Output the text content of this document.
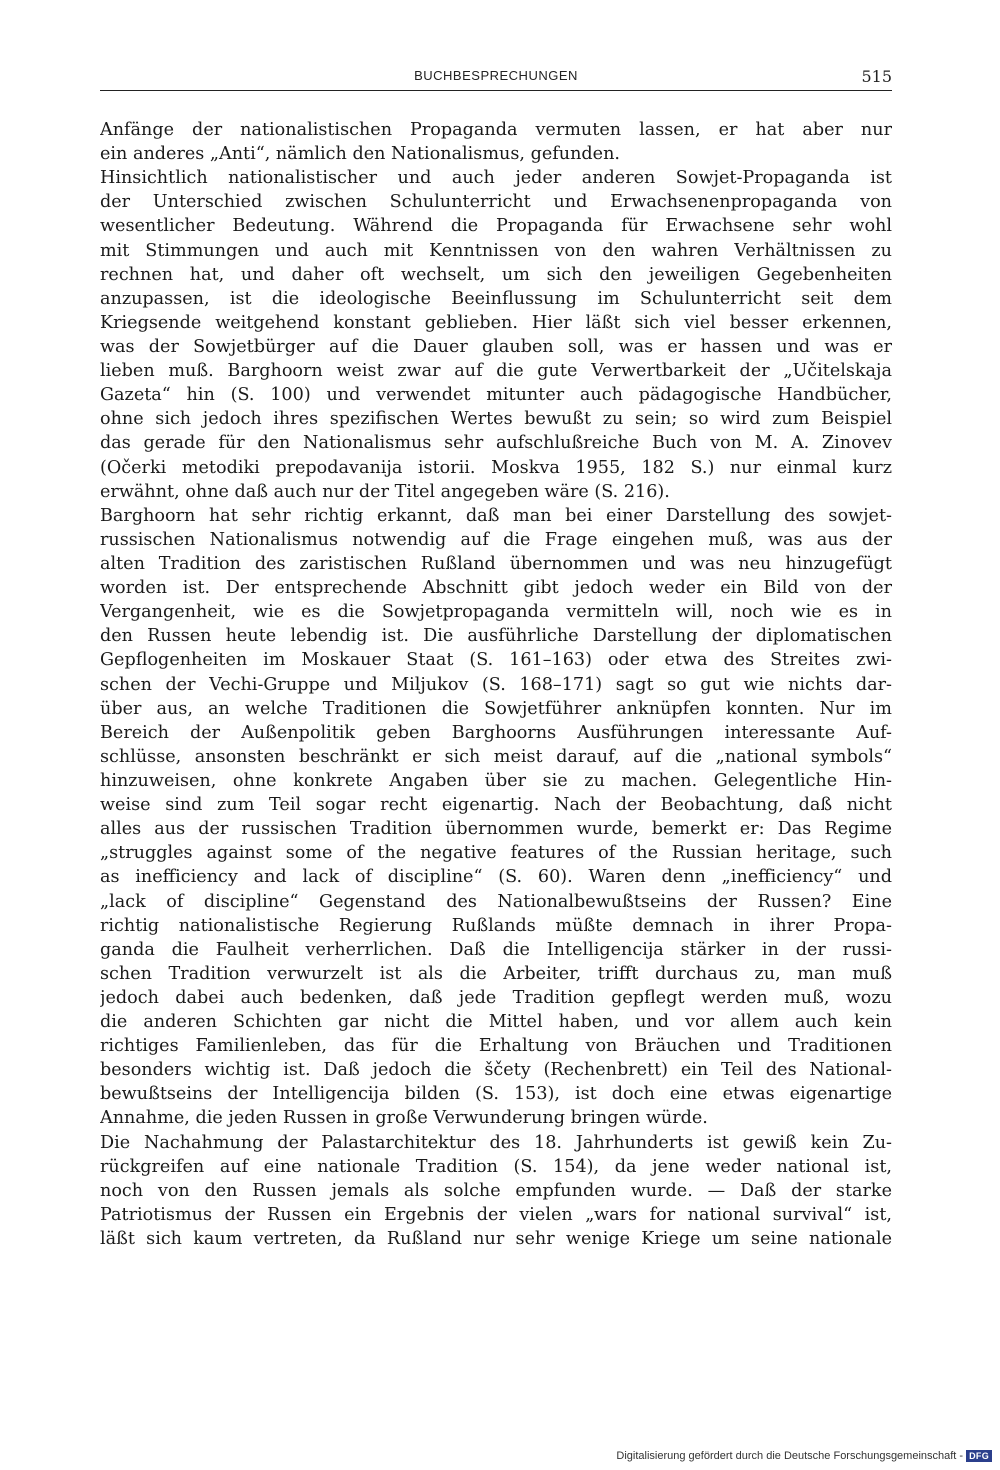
BUCHBESPRECHUNGEN	515
Anfänge der nationalistischen Propaganda vermuten lassen, er hat aber nur
ein anderes „Anti“, nämlich den Nationalismus, gefunden.
Hinsichtlich nationalistischer und auch jeder anderen Sowjet-Propaganda ist
der Unterschied zwischen Schulunterricht und Erwachsenenpropaganda von
wesentlicher Bedeutung. Während die Propaganda für Erwachsene sehr wohl
mit Stimmungen und auch mit Kenntnissen von den wahren Verhältnissen zu
rechnen hat, und daher oft wechselt, um sich den jeweiligen Gegebenheiten
anzupassen, ist die ideologische Beeinflussung im Schulunterricht seit dem
Kriegsende weitgehend konstant geblieben. Hier läßt sich viel besser erkennen,
was der Sowjetbürger auf die Dauer glauben soll, was er hassen und was er
lieben muß. Barghoorn weist zwar auf die gute Verwertbarkeit der „Učitelskaja
Gazeta“ hin (S. 100) und verwendet mitunter auch pädagogische Handbücher,
ohne sich jedoch ihres spezifischen Wertes bewußt zu sein; so wird zum Beispiel
das gerade für den Nationalismus sehr aufschlußreiche Buch von M. A. Zinovev
(Očerki metodiki prepodavanija istorii. Moskva 1955, 182 S.) nur einmal kurz
erwähnt, ohne daß auch nur der Titel angegeben wäre (S. 216).
Barghoorn hat sehr richtig erkannt, daß man bei einer Darstellung des sowjet-
russischen Nationalismus notwendig auf die Frage eingehen muß, was aus der
alten Tradition des zaristischen Rußland übernommen und was neu hinzugefügt
worden ist. Der entsprechende Abschnitt gibt jedoch weder ein Bild von der
Vergangenheit, wie es die Sowjetpropaganda vermitteln will, noch wie es in
den Russen heute lebendig ist. Die ausführliche Darstellung der diplomatischen
Gepflogenheiten im Moskauer Staat (S. 161–163) oder etwa des Streites zwi-
schen der Vechi-Gruppe und Miljukov (S. 168–171) sagt so gut wie nichts dar-
über aus, an welche Traditionen die Sowjetführer anknüpfen konnten. Nur im
Bereich der Außenpolitik geben Barghoorns Ausführungen interessante Auf-
schlüsse, ansonsten beschränkt er sich meist darauf, auf die „national symbols“
hinzuweisen, ohne konkrete Angaben über sie zu machen. Gelegentliche Hin-
weise sind zum Teil sogar recht eigenartig. Nach der Beobachtung, daß nicht
alles aus der russischen Tradition übernommen wurde, bemerkt er: Das Regime
„struggles against some of the negative features of the Russian heritage, such
as inefficiency and lack of discipline“ (S. 60). Waren denn „inefficiency“ und
„lack of discipline“ Gegenstand des Nationalbewußtseins der Russen? Eine
richtig nationalistische Regierung Rußlands müßte demnach in ihrer Propa-
ganda die Faulheit verherrlichen. Daß die Intelligencija stärker in der russi-
schen Tradition verwurzelt ist als die Arbeiter, trifft durchaus zu, man muß
jedoch dabei auch bedenken, daß jede Tradition gepflegt werden muß, wozu
die anderen Schichten gar nicht die Mittel haben, und vor allem auch kein
richtiges Familienleben, das für die Erhaltung von Bräuchen und Traditionen
besonders wichtig ist. Daß jedoch die ščety (Rechenbrett) ein Teil des National-
bewußtseins der Intelligencija bilden (S. 153), ist doch eine etwas eigenartige
Annahme, die jeden Russen in große Verwunderung bringen würde.
Die Nachahmung der Palastarchitektur des 18. Jahrhunderts ist gewiß kein Zu-
rückgreifen auf eine nationale Tradition (S. 154), da jene weder national ist,
noch von den Russen jemals als solche empfunden wurde. — Daß der starke
Patriotismus der Russen ein Ergebnis der vielen „wars for national survival“ ist,
läßt sich kaum vertreten, da Rußland nur sehr wenige Kriege um seine nationale
Digitalisierung gefördert durch die Deutsche Forschungsgemeinschaft - DFG
